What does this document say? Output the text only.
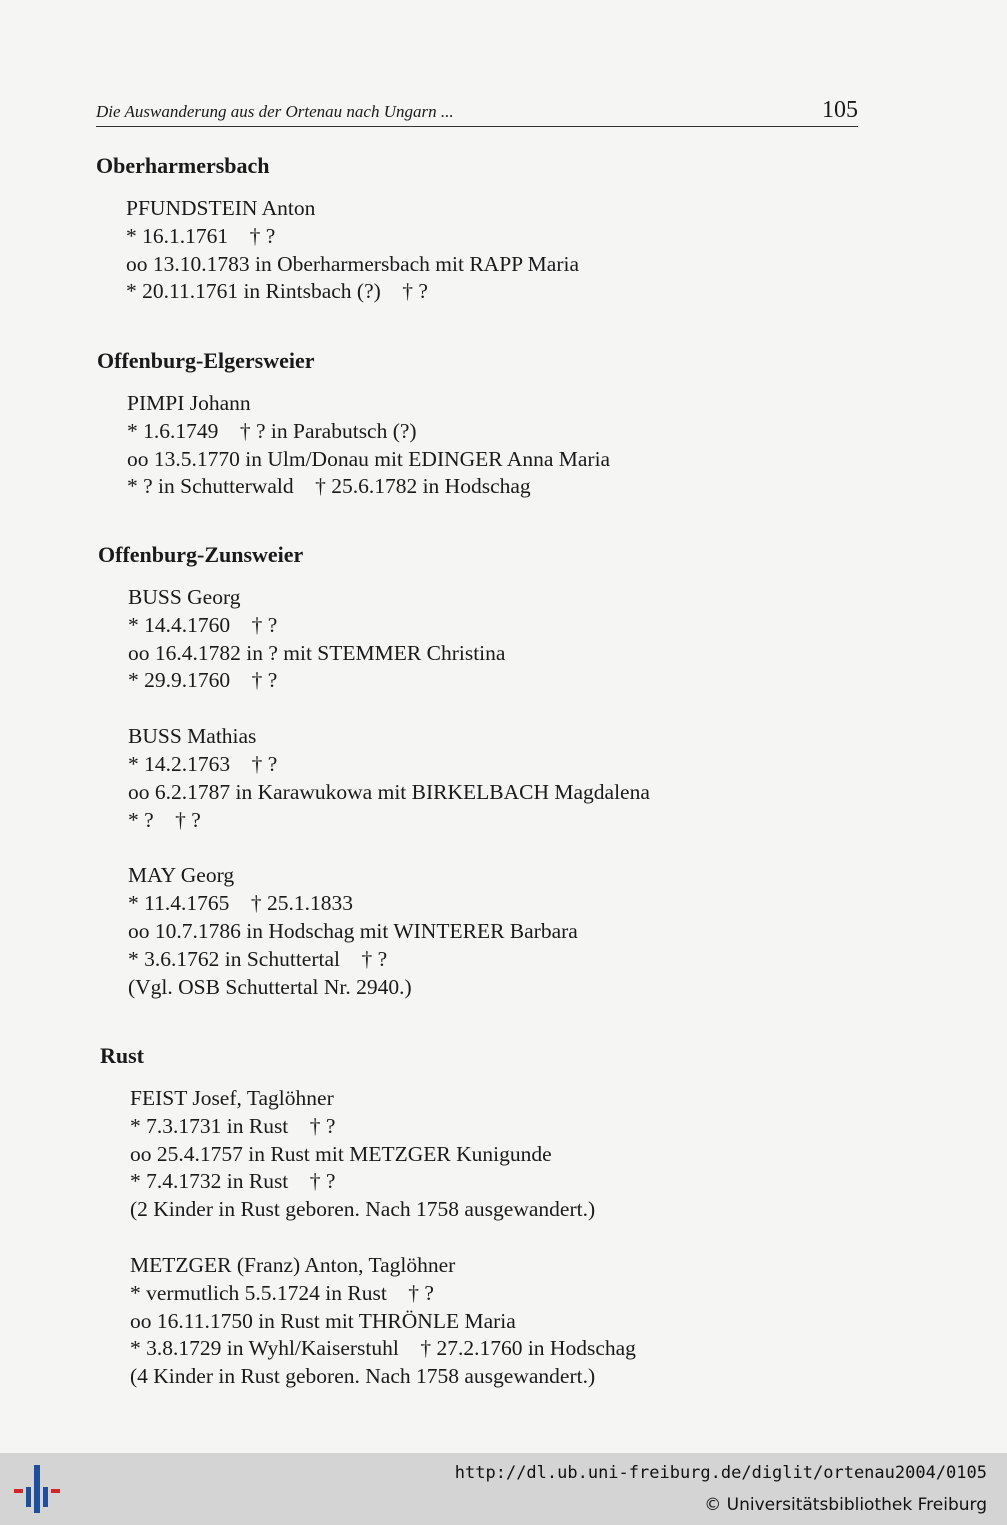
Die Auswanderung aus der Ortenau nach Ungarn ...	105
Oberharmersbach
PFUNDSTEIN Anton
* 16.1.1761    † ?
oo 13.10.1783 in Oberharmersbach mit RAPP Maria
* 20.11.1761 in Rintsbach (?)    † ?
Offenburg-Elgersweier
PIMPI Johann
* 1.6.1749    † ? in Parabutsch (?)
oo 13.5.1770 in Ulm/Donau mit EDINGER Anna Maria
* ? in Schutterwald    † 25.6.1782 in Hodschag
Offenburg-Zunsweier
BUSS Georg
* 14.4.1760    † ?
oo 16.4.1782 in ? mit STEMMER Christina
* 29.9.1760    † ?
BUSS Mathias
* 14.2.1763    † ?
oo 6.2.1787 in Karawukowa mit BIRKELBACH Magdalena
* ?    † ?
MAY Georg
* 11.4.1765    † 25.1.1833
oo 10.7.1786 in Hodschag mit WINTERER Barbara
* 3.6.1762 in Schuttertal    † ?
(Vgl. OSB Schuttertal Nr. 2940.)
Rust
FEIST Josef, Taglöhner
* 7.3.1731 in Rust    † ?
oo 25.4.1757 in Rust mit METZGER Kunigunde
* 7.4.1732 in Rust    † ?
(2 Kinder in Rust geboren. Nach 1758 ausgewandert.)
METZGER (Franz) Anton, Taglöhner
* vermutlich 5.5.1724 in Rust    † ?
oo 16.11.1750 in Rust mit THRÖNLE Maria
* 3.8.1729 in Wyhl/Kaiserstuhl    † 27.2.1760 in Hodschag
(4 Kinder in Rust geboren. Nach 1758 ausgewandert.)
http://dl.ub.uni-freiburg.de/diglit/ortenau2004/0105
© Universitätsbibliothek Freiburg
